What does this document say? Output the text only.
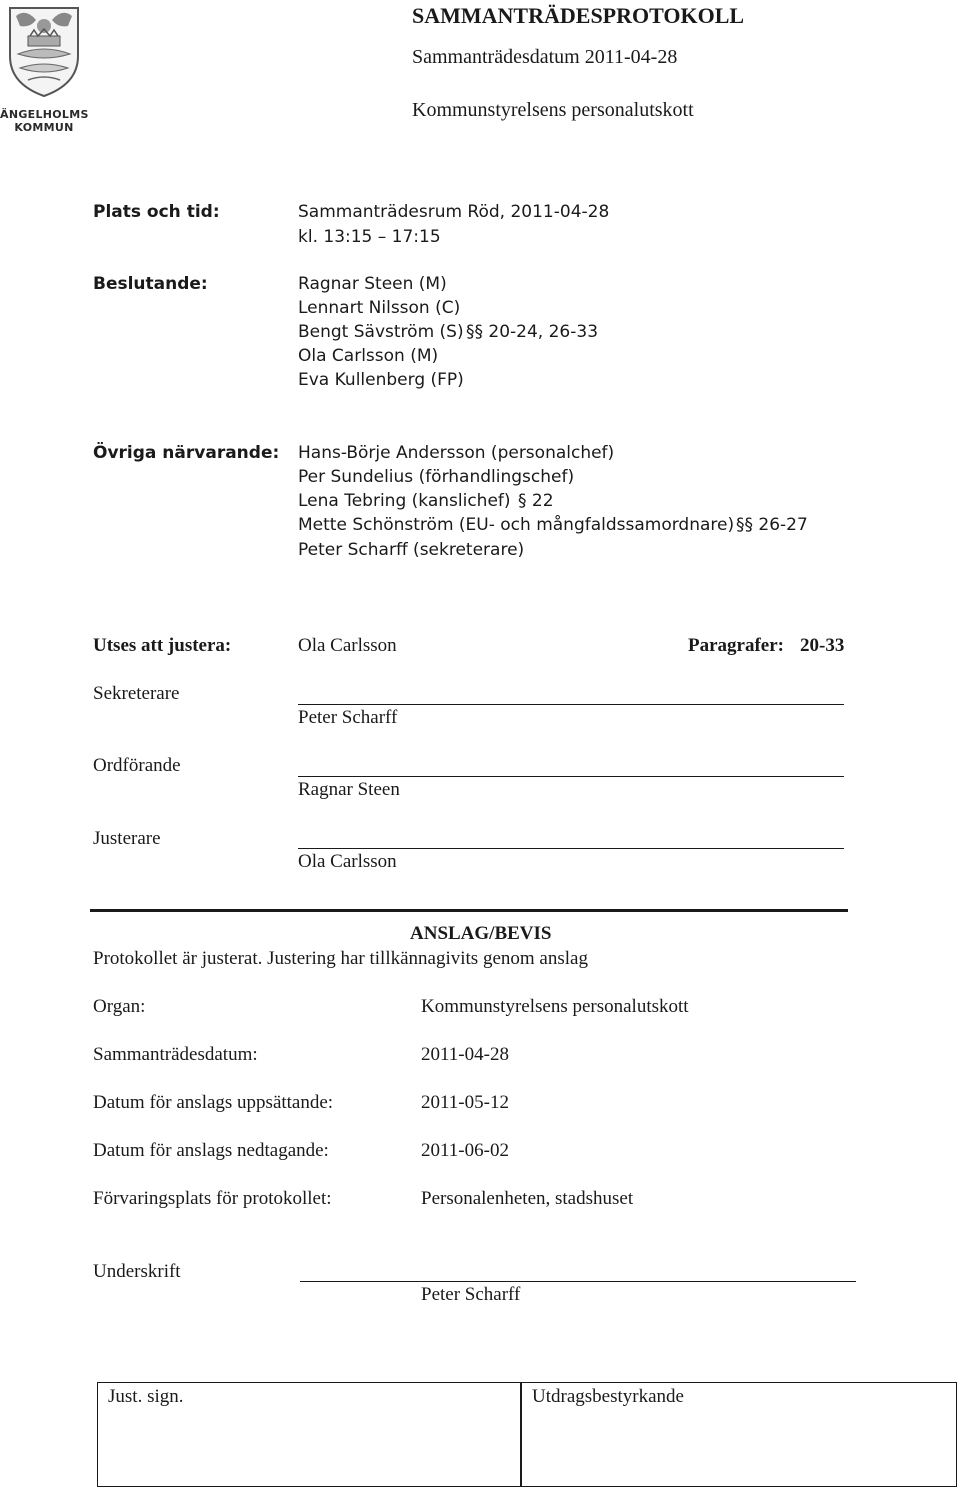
ÄNGELHOLMS
KOMMUN
SAMMANTRÄDESPROTOKOLL
Sammanträdesdatum 2011-04-28
Kommunstyrelsens personalutskott
Plats och tid:	Sammanträdesrum Röd, 2011-04-28
kl. 13:15 – 17:15
Beslutande:	Ragnar Steen (M)
Lennart Nilsson (C)
Bengt Sävström (S) §§ 20-24, 26-33
Ola Carlsson (M)
Eva Kullenberg (FP)
Övriga närvarande: Hans-Börje Andersson (personalchef)
Per Sundelius (förhandlingschef)
Lena Tebring (kanslichef) § 22
Mette Schönström (EU- och mångfaldssamordnare) §§ 26-27
Peter Scharff (sekreterare)
Utses att justera:	Ola Carlsson	Paragrafer: 20-33
Sekreterare
Peter Scharff
Ordförande
Ragnar Steen
Justerare
Ola Carlsson
ANSLAG/BEVIS
Protokollet är justerat. Justering har tillkännagivits genom anslag
Organ:	Kommunstyrelsens personalutskott
Sammanträdesdatum:	2011-04-28
Datum för anslags uppsättande:	2011-05-12
Datum för anslags nedtagande:	2011-06-02
Förvaringsplats för protokollet:	Personalenheten, stadshuset
Underskrift
Peter Scharff
Just. sign.	Utdragsbestyrkande
